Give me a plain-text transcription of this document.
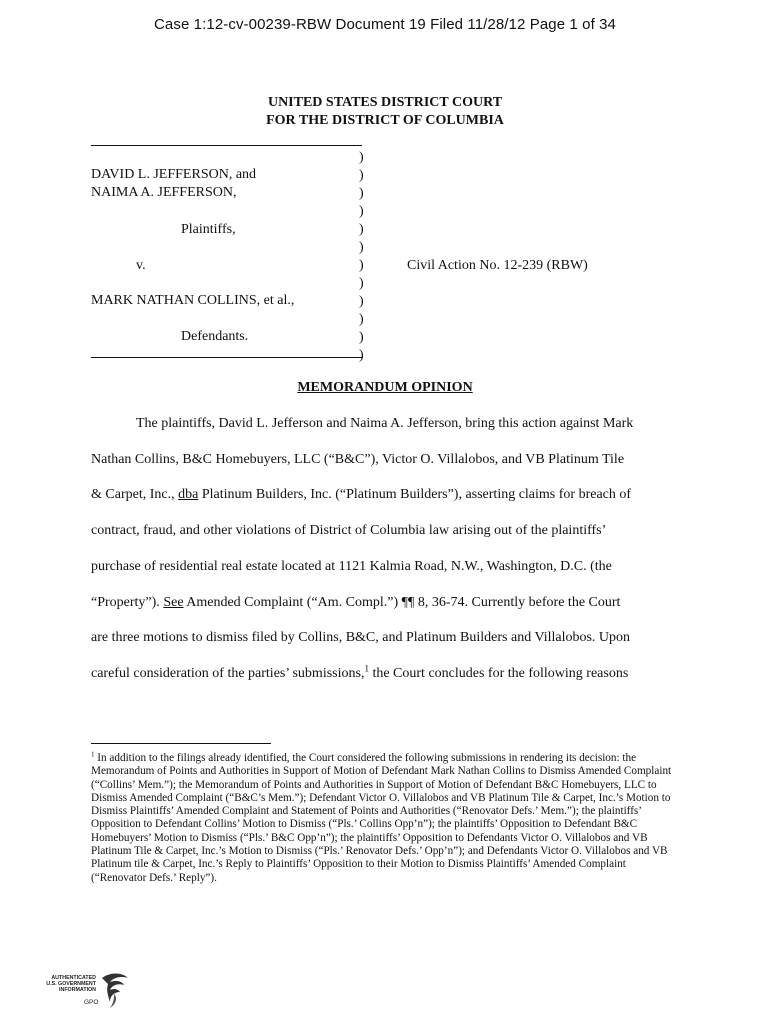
Case 1:12-cv-00239-RBW Document 19 Filed 11/28/12 Page 1 of 34
UNITED STATES DISTRICT COURT
FOR THE DISTRICT OF COLUMBIA
DAVID L. JEFFERSON, and
NAIMA A. JEFFERSON,
Plaintiffs,
v.
MARK NATHAN COLLINS, et al.,
Defendants.
)
)
)
)
)
)
)
)
)
)
)
)
Civil Action No. 12-239 (RBW)
MEMORANDUM OPINION
The plaintiffs, David L. Jefferson and Naima A. Jefferson, bring this action against Mark
Nathan Collins, B&C Homebuyers, LLC (“B&C”), Victor O. Villalobos, and VB Platinum Tile
& Carpet, Inc., dba Platinum Builders, Inc. (“Platinum Builders”), asserting claims for breach of
contract, fraud, and other violations of District of Columbia law arising out of the plaintiffs’
purchase of residential real estate located at 1121 Kalmia Road, N.W., Washington, D.C. (the
“Property”). See Amended Complaint (“Am. Compl.”) ¶¶ 8, 36-74. Currently before the Court
are three motions to dismiss filed by Collins, B&C, and Platinum Builders and Villalobos. Upon
careful consideration of the parties’ submissions,$^1$ the Court concludes for the following reasons
$^1$ In addition to the filings already identified, the Court considered the following submissions in rendering its decision: the Memorandum of Points and Authorities in Support of Motion of Defendant Mark Nathan Collins to Dismiss Amended Complaint (“Collins’ Mem.”); the Memorandum of Points and Authorities in Support of Motion of Defendant B&C Homebuyers, LLC to Dismiss Amended Complaint (“B&C’s Mem.”); Defendant Victor O. Villalobos and VB Platinum Tile & Carpet, Inc.’s Motion to Dismiss Plaintiffs’ Amended Complaint and Statement of Points and Authorities (“Renovator Defs.’ Mem.”); the plaintiffs’ Opposition to Defendant Collins’ Motion to Dismiss (“Pls.’ Collins Opp’n”); the plaintiffs’ Opposition to Defendant B&C Homebuyers’ Motion to Dismiss (“Pls.’ B&C Opp’n”); the plaintiffs’ Opposition to Defendants Victor O. Villalobos and VB Platinum Tile & Carpet, Inc.’s Motion to Dismiss (“Pls.’ Renovator Defs.’ Opp’n”); and Defendants Victor O. Villalobos and VB Platinum tile & Carpet, Inc.’s Reply to Plaintiffs’ Opposition to their Motion to Dismiss Plaintiffs’ Amended Complaint (“Renovator Defs.’ Reply”).
AUTHENTICATED
U.S. GOVERNMENT
INFORMATION
GPO
